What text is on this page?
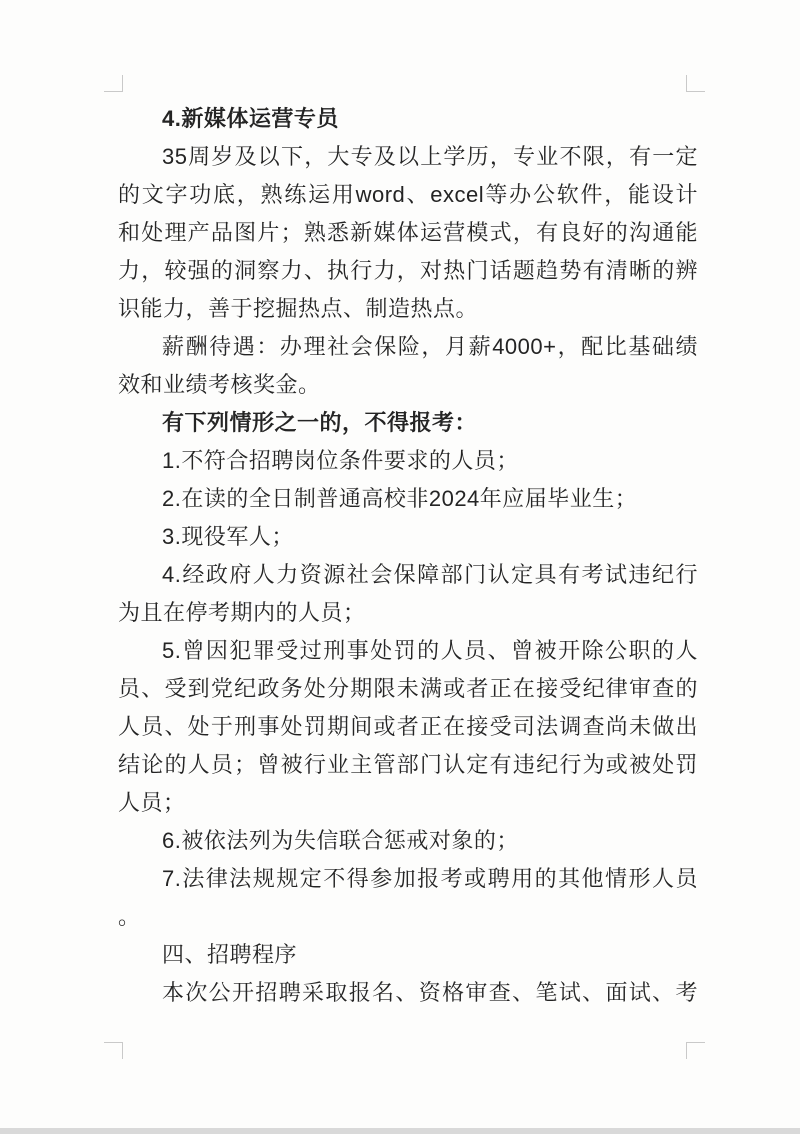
4.新媒体运营专员
35周岁及以下，大专及以上学历，专业不限，有一定
的文字功底，熟练运用word、excel等办公软件，能设计
和处理产品图片；熟悉新媒体运营模式，有良好的沟通能
力，较强的洞察力、执行力，对热门话题趋势有清晰的辨
识能力，善于挖掘热点、制造热点。
薪酬待遇：办理社会保险，月薪4000+，配比基础绩
效和业绩考核奖金。
有下列情形之一的，不得报考：
1.不符合招聘岗位条件要求的人员；
2.在读的全日制普通高校非2024年应届毕业生；
3.现役军人；
4.经政府人力资源社会保障部门认定具有考试违纪行
为且在停考期内的人员；
5.曾因犯罪受过刑事处罚的人员、曾被开除公职的人
员、受到党纪政务处分期限未满或者正在接受纪律审查的
人员、处于刑事处罚期间或者正在接受司法调查尚未做出
结论的人员；曾被行业主管部门认定有违纪行为或被处罚
人员；
6.被依法列为失信联合惩戒对象的；
7.法律法规规定不得参加报考或聘用的其他情形人员
。
四、招聘程序
本次公开招聘采取报名、资格审查、笔试、面试、考
